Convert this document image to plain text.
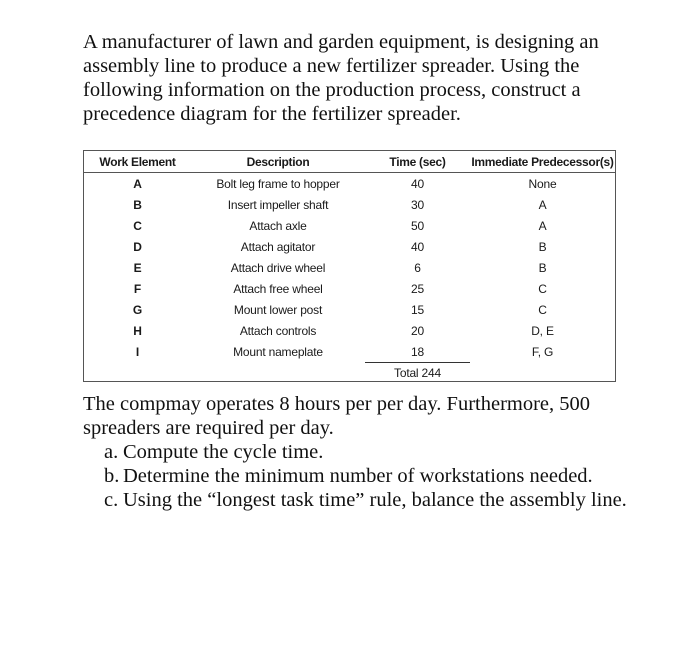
A manufacturer of lawn and garden equipment, is designing an assembly line to produce a new fertilizer spreader. Using the following information on the production process, construct a precedence diagram for the fertilizer spreader.

Work Element	Description	Time (sec)	Immediate Predecessor(s)
A	Bolt leg frame to hopper	40	None
B	Insert impeller shaft	30	A
C	Attach axle	50	A
D	Attach agitator	40	B
E	Attach drive wheel	6	B
F	Attach free wheel	25	C
G	Mount lower post	15	C
H	Attach controls	20	D, E
I	Mount nameplate	18	F, G
		Total 244	
The compmay operates 8 hours per per day. Furthermore, 500 spreaders are required per day.
a. Compute the cycle time.
b. Determine the minimum number of workstations needed.
c. Using the “longest task time” rule, balance the assembly line.
